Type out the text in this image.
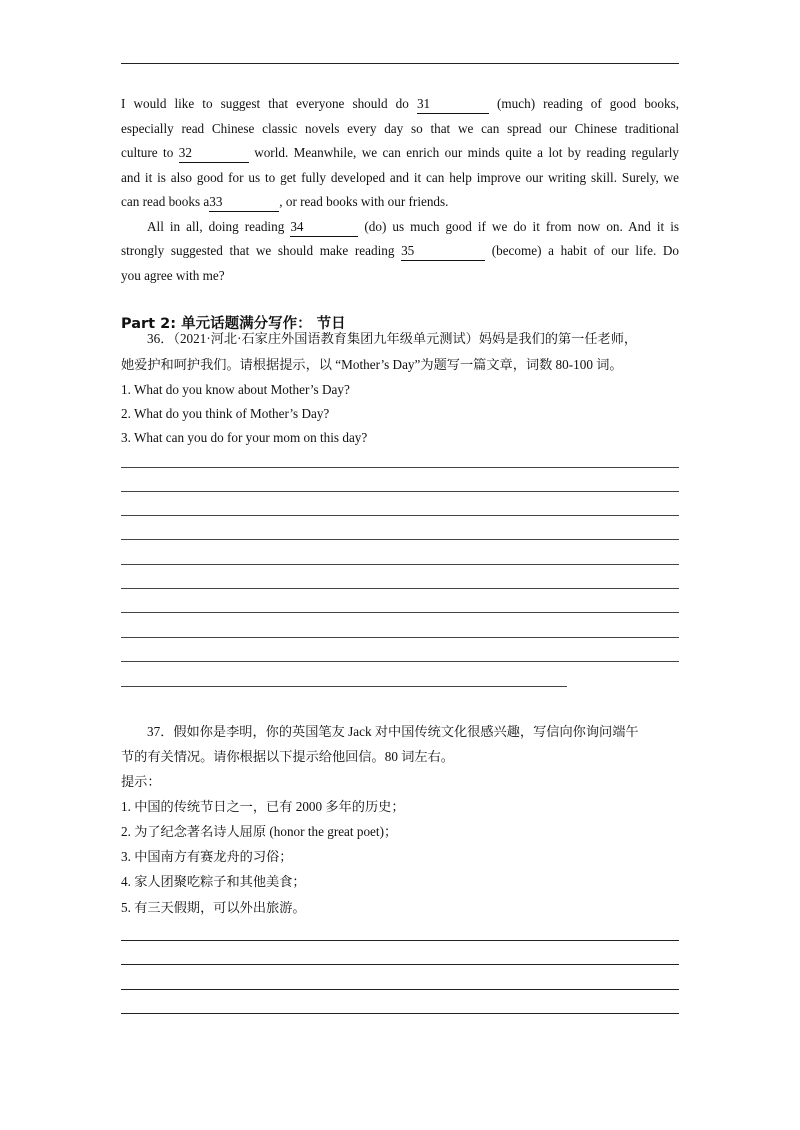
I would like to suggest that everyone should do 31	(much) reading of good books,
especially read Chinese classic novels every day so that we can spread our Chinese traditional
culture to 32	world. Meanwhile, we can enrich our minds quite a lot by reading regularly
and it is also good for us to get fully developed and it can help improve our writing skill. Surely, we
can read books a33	, or read books with our friends.
All in all, doing reading 34	(do) us much good if we do it from now on. And it is
strongly suggested that we should make reading 35	(become) a habit of our life. Do
you agree with me?
Part 2: 单元话题满分写作： 节日
36．（2021·河北·石家庄外国语教育集团九年级单元测试）妈妈是我们的第一任老师，
她爱护和呵护我们。请根据提示，以 “Mother’s Day”为题写一篇文章，词数 80-100 词。
1. What do you know about Mother’s Day?
2. What do you think of Mother’s Day?
3. What can you do for your mom on this day?
37．假如你是李明，你的英国笔友 Jack 对中国传统文化很感兴趣，写信向你询问端午
节的有关情况。请你根据以下提示给他回信。80 词左右。
提示：
1. 中国的传统节日之一，已有 2000 多年的历史；
2. 为了纪念著名诗人屈原 (honor the great poet)；
3. 中国南方有赛龙舟的习俗；
4. 家人团聚吃粽子和其他美食；
5. 有三天假期，可以外出旅游。
